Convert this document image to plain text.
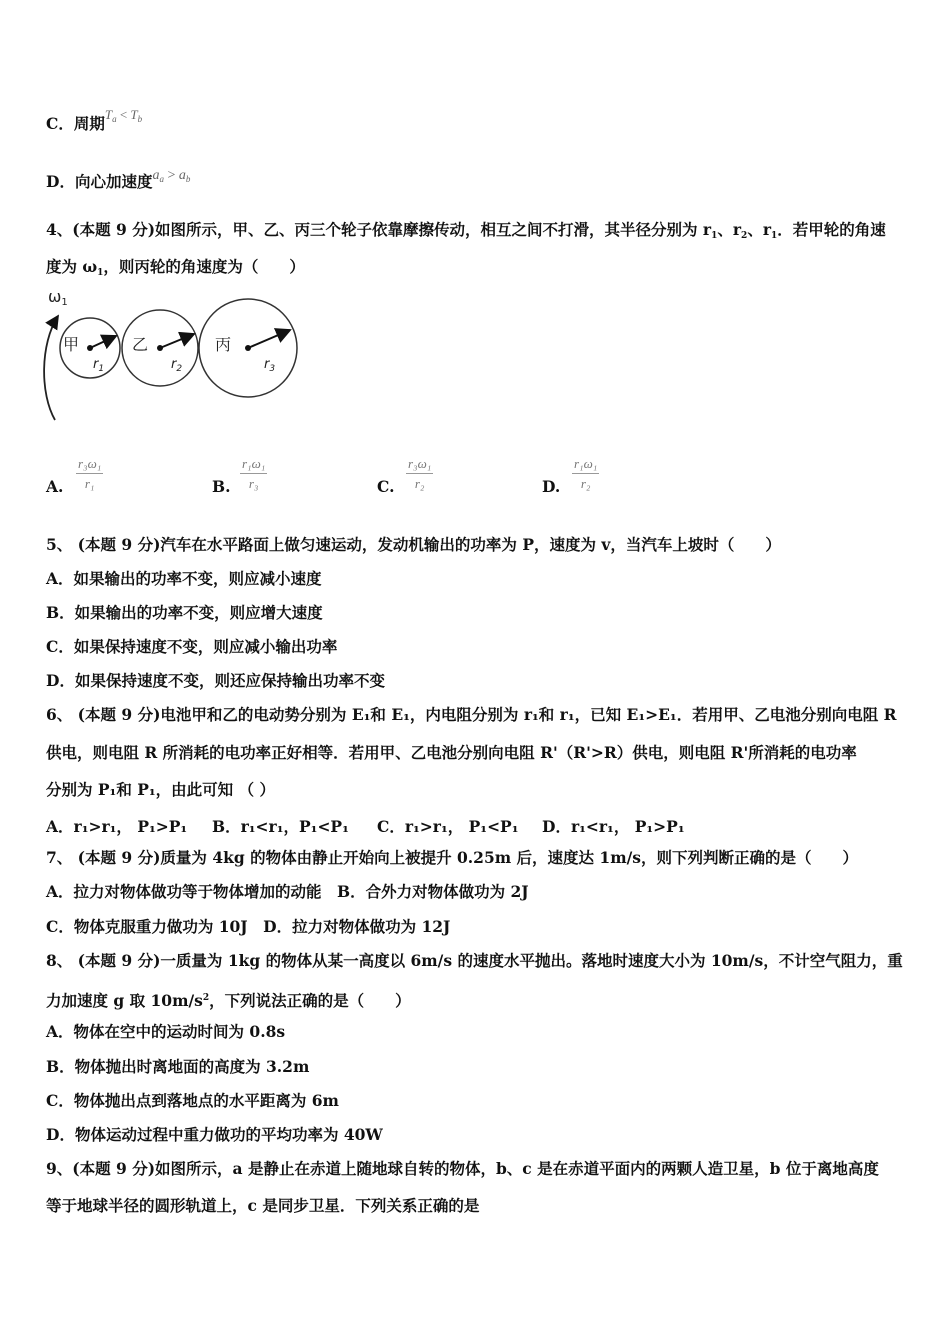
C．周期$^{T_a < T_b}$
D．向心加速度$a_a > a_b$
4、(本题 9 分)如图所示，甲、乙、丙三个轮子依靠摩擦传动，相互之间不打滑，其半径分别为 $r_1$、$r_2$、$r_1$．若甲轮的角速
度为 $\omega_1$，则丙轮的角速度为（　　）
ω1
甲	乙	丙
$r_1$	$r_2$	$r_3$
A. $\frac{\text{r₃ω₁}}{\text{r₁}}$	B. $\frac{\text{r₁ω₁}}{\text{r₃}}$	C. $\frac{\text{r₃ω₁}}{\text{r₂}}$	D. $\frac{\text{r₁ω₁}}{\text{r₂}}$
5、 (本题 9 分)汽车在水平路面上做匀速运动，发动机输出的功率为 P，速度为 v，当汽车上坡时（　　）
A．如果输出的功率不变，则应减小速度
B．如果输出的功率不变，则应增大速度
C．如果保持速度不变，则应减小输出功率
D．如果保持速度不变，则还应保持输出功率不变
6、 (本题 9 分)电池甲和乙的电动势分别为 E₁和 E₁，内电阻分别为 r₁和 r₁，已知 E₁>E₁．若用甲、乙电池分别向电阻 R
供电，则电阻 R 所消耗的电功率正好相等．若用甲、乙电池分别向电阻 R'（R'>R）供电，则电阻 R'所消耗的电功率
分别为 P₁和 P₁，由此可知 （ ）
A．r₁>r₁， P₁>P₁ B．r₁<r₁，P₁<P₁ C．r₁>r₁， P₁<P₁ D．r₁<r₁， P₁>P₁
7、 (本题 9 分)质量为 4kg 的物体由静止开始向上被提升 0.25m 后，速度达 1m/s，则下列判断正确的是（　　）
A．拉力对物体做功等于物体增加的动能　B．合外力对物体做功为 2J
C．物体克服重力做功为 10J　D．拉力对物体做功为 12J
8、 (本题 9 分)一质量为 1kg 的物体从某一高度以 6m/s 的速度水平抛出。落地时速度大小为 10m/s，不计空气阻力，重
力加速度 g 取 $10m/s^2$，下列说法正确的是（　　）
A．物体在空中的运动时间为 0.8s
B．物体抛出时离地面的高度为 3.2m
C．物体抛出点到落地点的水平距离为 6m
D．物体运动过程中重力做功的平均功率为 40W
9、(本题 9 分)如图所示，a 是静止在赤道上随地球自转的物体，b、c 是在赤道平面内的两颗人造卫星，b 位于离地高度
等于地球半径的圆形轨道上，c 是同步卫星．下列关系正确的是
